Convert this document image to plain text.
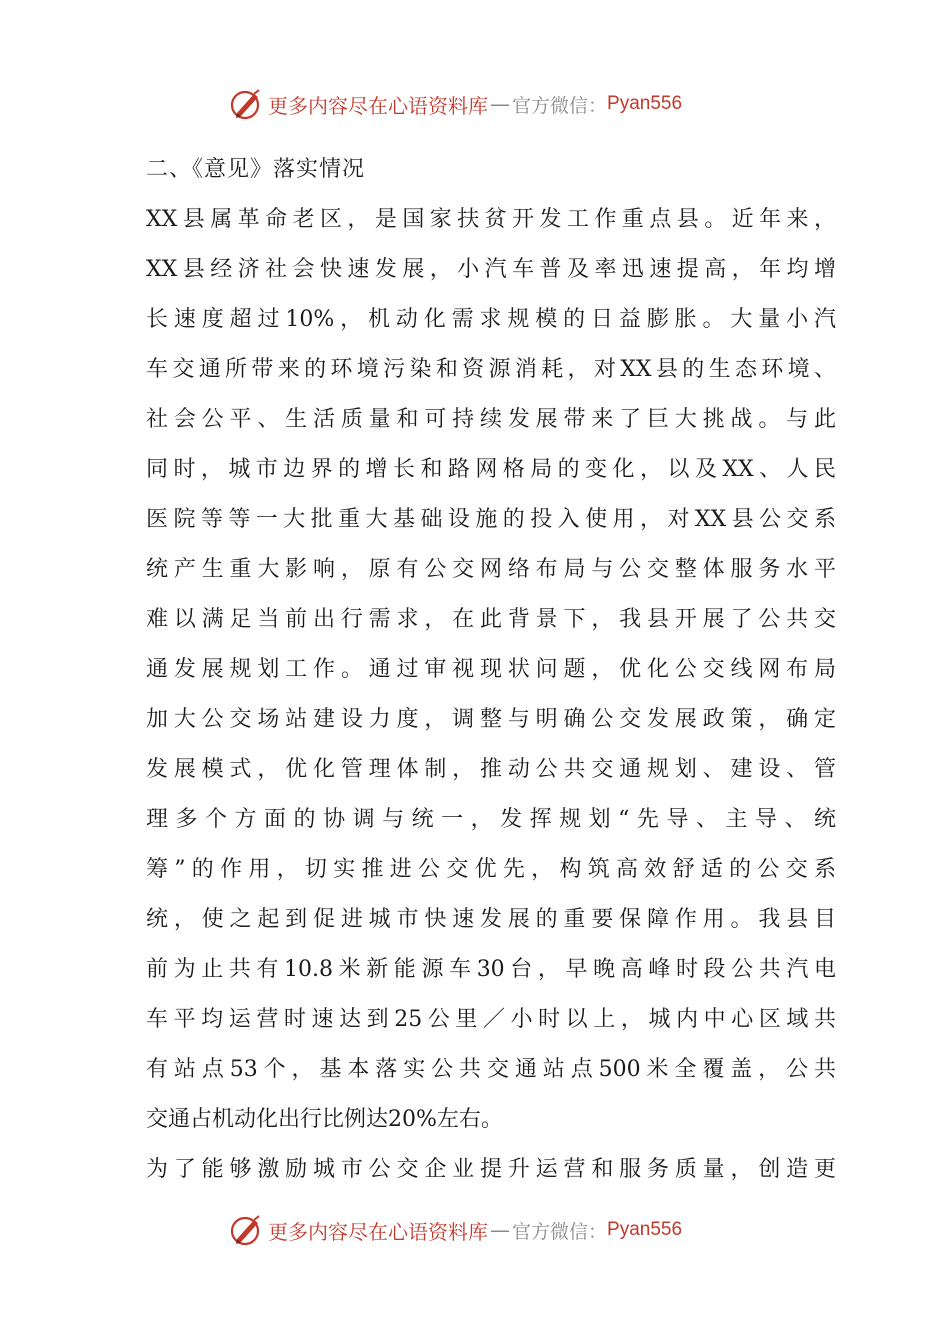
更多内容尽在心语资料库 — 官方微信： Pyan556
二、《意见》落实情况
XX县属革命老区，是国家扶贫开发工作重点县。近年来，
XX县经济社会快速发展，小汽车普及率迅速提高，年均增
长速度超过10%，机动化需求规模的日益膨胀。大量小汽
车交通所带来的环境污染和资源消耗，对XX县的生态环境、
社会公平、生活质量和可持续发展带来了巨大挑战。与此
同时，城市边界的增长和路网格局的变化，以及XX、人民
医院等等一大批重大基础设施的投入使用，对XX县公交系
统产生重大影响，原有公交网络布局与公交整体服务水平
难以满足当前出行需求，在此背景下，我县开展了公共交
通发展规划工作。通过审视现状问题，优化公交线网布局
加大公交场站建设力度，调整与明确公交发展政策，确定
发展模式，优化管理体制，推动公共交通规划、建设、管
理多个方面的协调与统一，发挥规划“先导、主导、统
筹”的作用，切实推进公交优先，构筑高效舒适的公交系
统，使之起到促进城市快速发展的重要保障作用。我县目
前为止共有10.8米新能源车30台，早晚高峰时段公共汽电
车平均运营时速达到25公里／小时以上，城内中心区域共
有站点53个，基本落实公共交通站点500米全覆盖，公共
交通占机动化出行比例达20%左右。
为了能够激励城市公交企业提升运营和服务质量，创造更
更多内容尽在心语资料库 — 官方微信： Pyan556
